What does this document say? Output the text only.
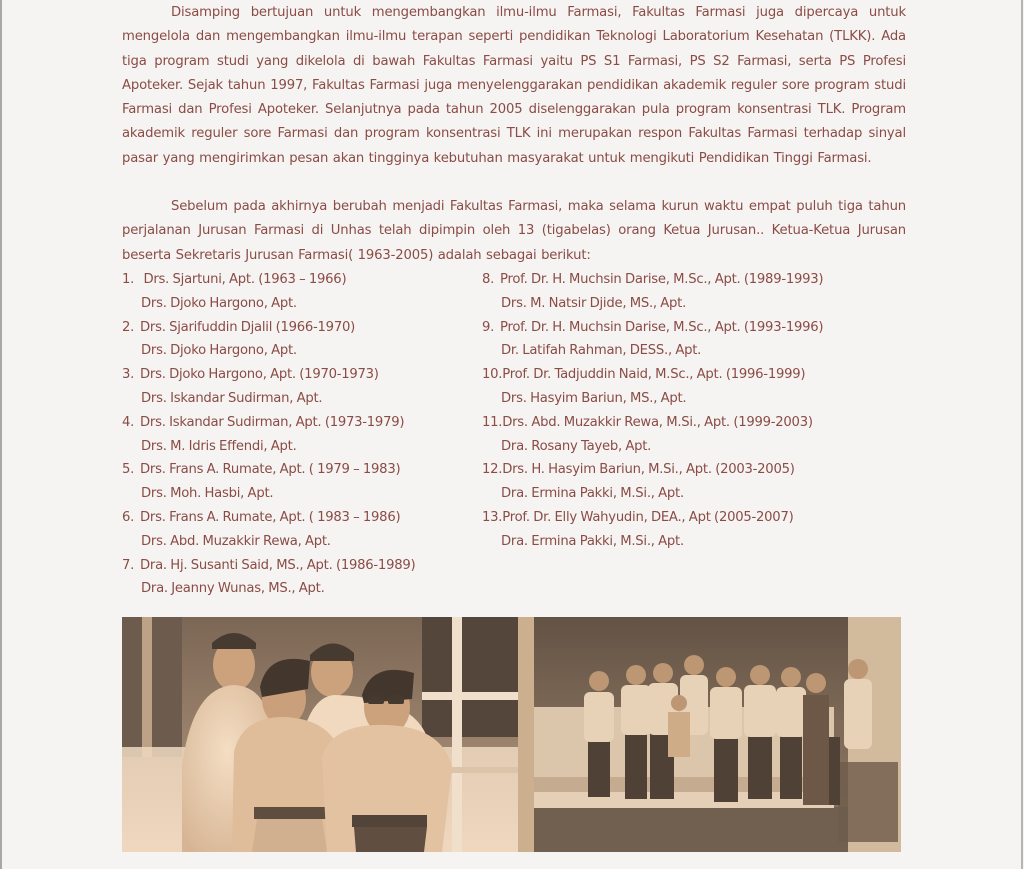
Disamping bertujuan untuk mengembangkan ilmu-ilmu Farmasi, Fakultas Farmasi juga dipercaya untuk mengelola dan mengembangkan ilmu-ilmu terapan seperti pendidikan Teknologi Laboratorium Kesehatan (TLKK). Ada tiga program studi yang dikelola di bawah Fakultas Farmasi yaitu PS S1 Farmasi, PS S2 Farmasi, serta PS Profesi Apoteker. Sejak tahun 1997, Fakultas Farmasi juga menyelenggarakan pendidikan akademik reguler sore program studi Farmasi dan Profesi Apoteker. Selanjutnya pada tahun 2005 diselenggarakan pula program konsentrasi TLK. Program akademik reguler sore Farmasi dan program konsentrasi TLK ini merupakan respon Fakultas Farmasi terhadap sinyal pasar yang mengirimkan pesan akan tingginya kebutuhan masyarakat untuk mengikuti Pendidikan Tinggi Farmasi.

Sebelum pada akhirnya berubah menjadi Fakultas Farmasi, maka selama kurun waktu empat puluh tiga tahun perjalanan Jurusan Farmasi di Unhas telah dipimpin oleh 13 (tigabelas) orang Ketua Jurusan.. Ketua-Ketua Jurusan beserta Sekretaris Jurusan Farmasi( 1963-2005) adalah sebagai berikut:

1. Drs. Sjartuni, Apt. (1963 – 1966)
Drs. Djoko Hargono, Apt.
2. Drs. Sjarifuddin Djalil (1966-1970)
Drs. Djoko Hargono, Apt.
3. Drs. Djoko Hargono, Apt. (1970-1973)
Drs. Iskandar Sudirman, Apt.
4. Drs. Iskandar Sudirman, Apt. (1973-1979)
Drs. M. Idris Effendi, Apt.
5. Drs. Frans A. Rumate, Apt. ( 1979 – 1983)
Drs. Moh. Hasbi, Apt.
6. Drs. Frans A. Rumate, Apt. ( 1983 – 1986)
Drs. Abd. Muzakkir Rewa, Apt.
7. Dra. Hj. Susanti Said, MS., Apt. (1986-1989)
Dra. Jeanny Wunas, MS., Apt.
8. Prof. Dr. H. Muchsin Darise, M.Sc., Apt. (1989-1993)
Drs. M. Natsir Djide, MS., Apt.
9. Prof. Dr. H. Muchsin Darise, M.Sc., Apt. (1993-1996)
Dr. Latifah Rahman, DESS., Apt.
10.Prof. Dr. Tadjuddin Naid, M.Sc., Apt. (1996-1999)
Drs. Hasyim Bariun, MS., Apt.
11.Drs. Abd. Muzakkir Rewa, M.Si., Apt. (1999-2003)
Dra. Rosany Tayeb, Apt.
12.Drs. H. Hasyim Bariun, M.Si., Apt. (2003-2005)
Dra. Ermina Pakki, M.Si., Apt.
13.Prof. Dr. Elly Wahyudin, DEA., Apt (2005-2007)
Dra. Ermina Pakki, M.Si., Apt.
